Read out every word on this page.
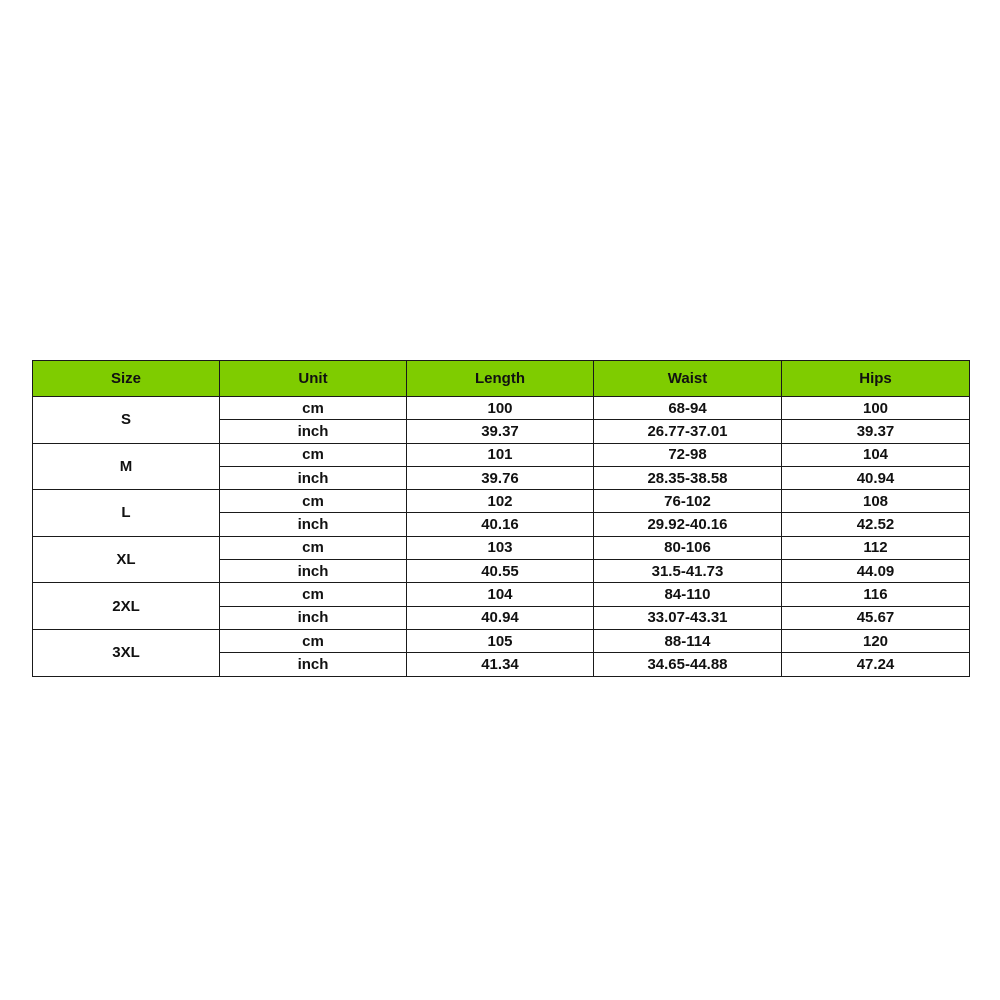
Size	Unit	Length	Waist	Hips
S	cm	100	68-94	100
	inch	39.37	26.77-37.01	39.37
M	cm	101	72-98	104
	inch	39.76	28.35-38.58	40.94
L	cm	102	76-102	108
	inch	40.16	29.92-40.16	42.52
XL	cm	103	80-106	112
	inch	40.55	31.5-41.73	44.09
2XL	cm	104	84-110	116
	inch	40.94	33.07-43.31	45.67
3XL	cm	105	88-114	120
	inch	41.34	34.65-44.88	47.24
